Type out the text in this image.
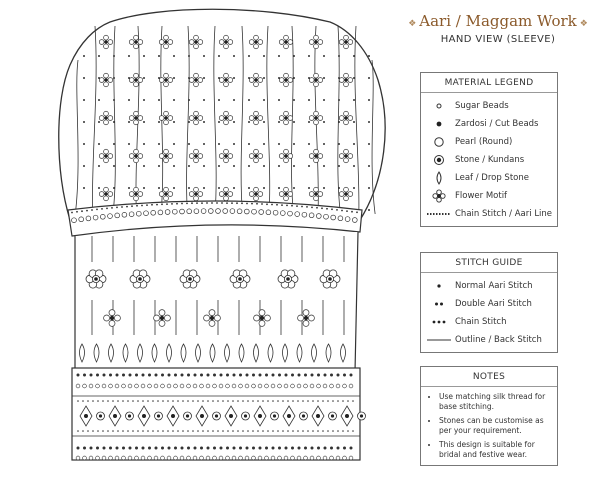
❖ Aari / Maggam Work ❖
HAND VIEW (SLEEVE)
MATERIAL LEGEND
Sugar Beads
Zardosi / Cut Beads
Pearl (Round)
Stone / Kundans
Leaf / Drop Stone
Flower Motif
Chain Stitch / Aari Line
STITCH GUIDE
Normal Aari Stitch
Double Aari Stitch
Chain Stitch
Outline / Back Stitch
NOTES
• Use matching silk thread for base stitching.
• Stones can be customise as per your requirement.
• This design is suitable for bridal and festive wear.
